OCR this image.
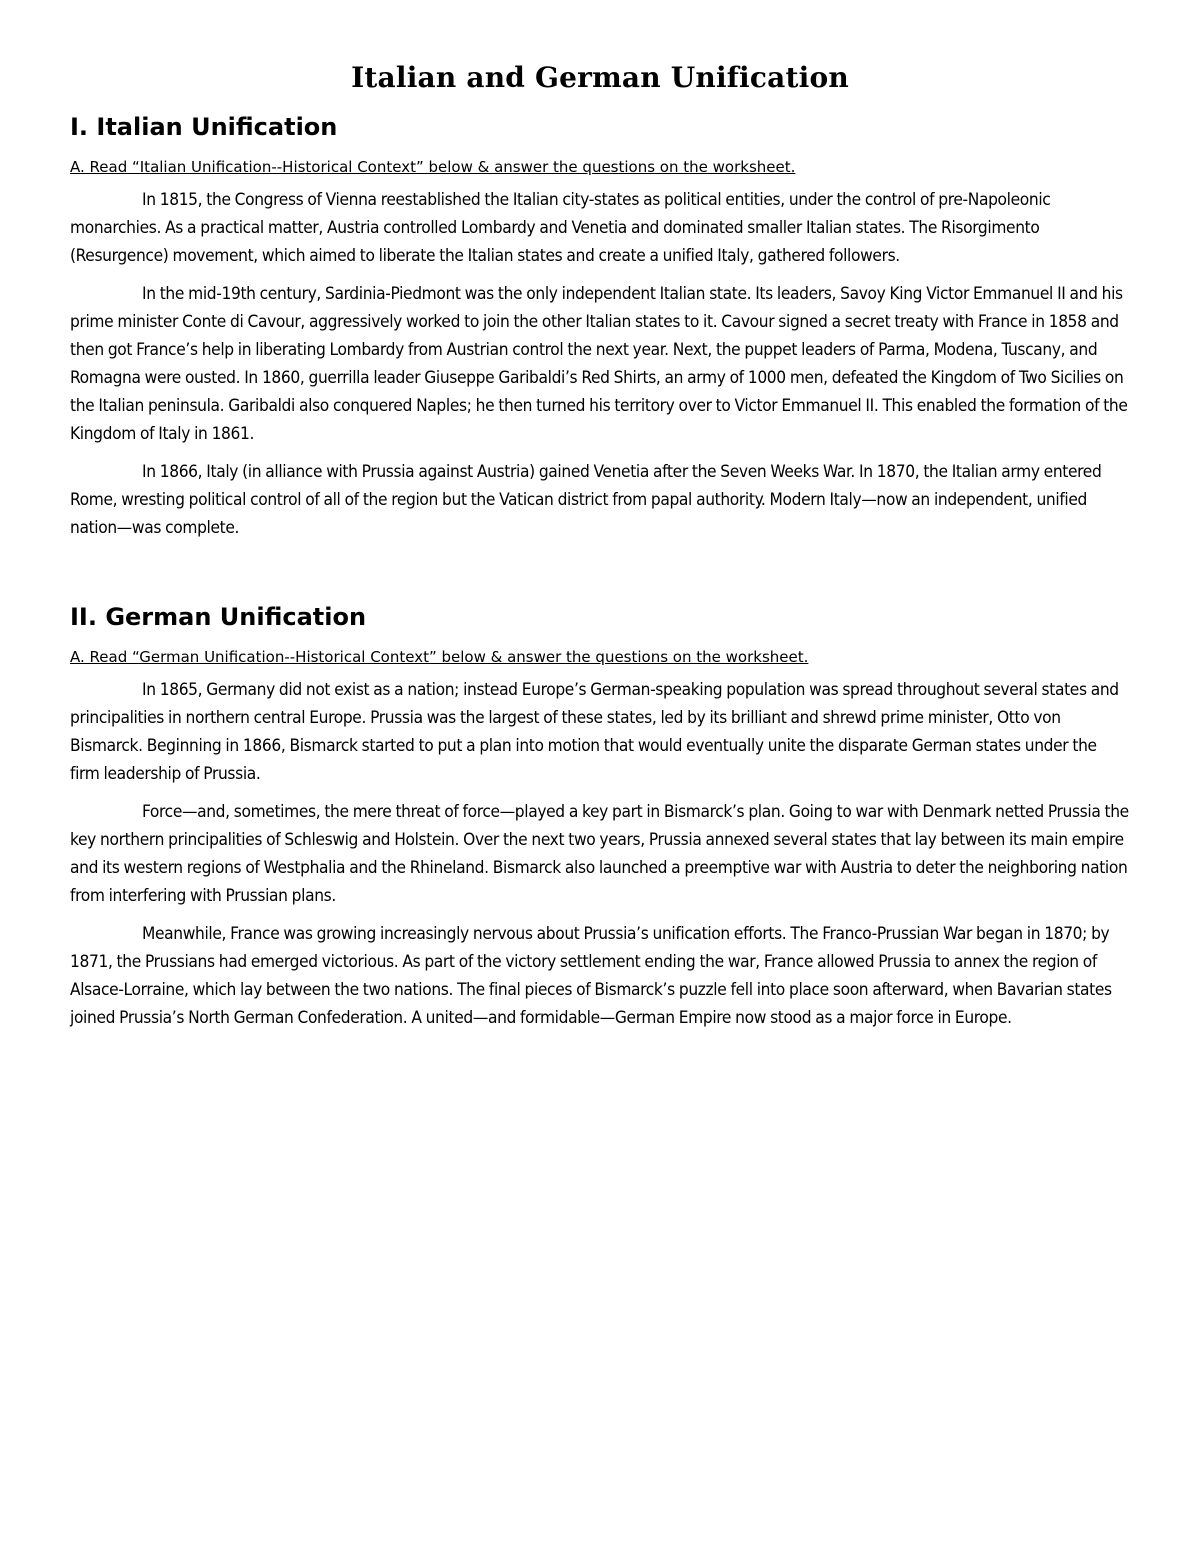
Italian and German Unification
I. Italian Unification

A. Read “Italian Unification--Historical Context” below & answer the questions on the worksheet.

In 1815, the Congress of Vienna reestablished the Italian city-states as political entities, under the control of pre-Napoleonic monarchies. As a practical matter, Austria controlled Lombardy and Venetia and dominated smaller Italian states. The Risorgimento (Resurgence) movement, which aimed to liberate the Italian states and create a unified Italy, gathered followers.

In the mid-19th century, Sardinia-Piedmont was the only independent Italian state. Its leaders, Savoy King Victor Emmanuel II and his prime minister Conte di Cavour, aggressively worked to join the other Italian states to it. Cavour signed a secret treaty with France in 1858 and then got France’s help in liberating Lombardy from Austrian control the next year. Next, the puppet leaders of Parma, Modena, Tuscany, and Romagna were ousted. In 1860, guerrilla leader Giuseppe Garibaldi’s Red Shirts, an army of 1000 men, defeated the Kingdom of Two Sicilies on the Italian peninsula. Garibaldi also conquered Naples; he then turned his territory over to Victor Emmanuel II. This enabled the formation of the Kingdom of Italy in 1861.

In 1866, Italy (in alliance with Prussia against Austria) gained Venetia after the Seven Weeks War. In 1870, the Italian army entered Rome, wresting political control of all of the region but the Vatican district from papal authority. Modern Italy—now an independent, unified nation—was complete.

II. German Unification

A. Read “German Unification--Historical Context” below & answer the questions on the worksheet.

In 1865, Germany did not exist as a nation; instead Europe’s German-speaking population was spread throughout several states and principalities in northern central Europe. Prussia was the largest of these states, led by its brilliant and shrewd prime minister, Otto von Bismarck. Beginning in 1866, Bismarck started to put a plan into motion that would eventually unite the disparate German states under the firm leadership of Prussia.

Force—and, sometimes, the mere threat of force—played a key part in Bismarck’s plan. Going to war with Denmark netted Prussia the key northern principalities of Schleswig and Holstein. Over the next two years, Prussia annexed several states that lay between its main empire and its western regions of Westphalia and the Rhineland. Bismarck also launched a preemptive war with Austria to deter the neighboring nation from interfering with Prussian plans.

Meanwhile, France was growing increasingly nervous about Prussia’s unification efforts. The Franco-Prussian War began in 1870; by 1871, the Prussians had emerged victorious. As part of the victory settlement ending the war, France allowed Prussia to annex the region of Alsace-Lorraine, which lay between the two nations. The final pieces of Bismarck’s puzzle fell into place soon afterward, when Bavarian states joined Prussia’s North German Confederation. A united—and formidable—German Empire now stood as a major force in Europe.
